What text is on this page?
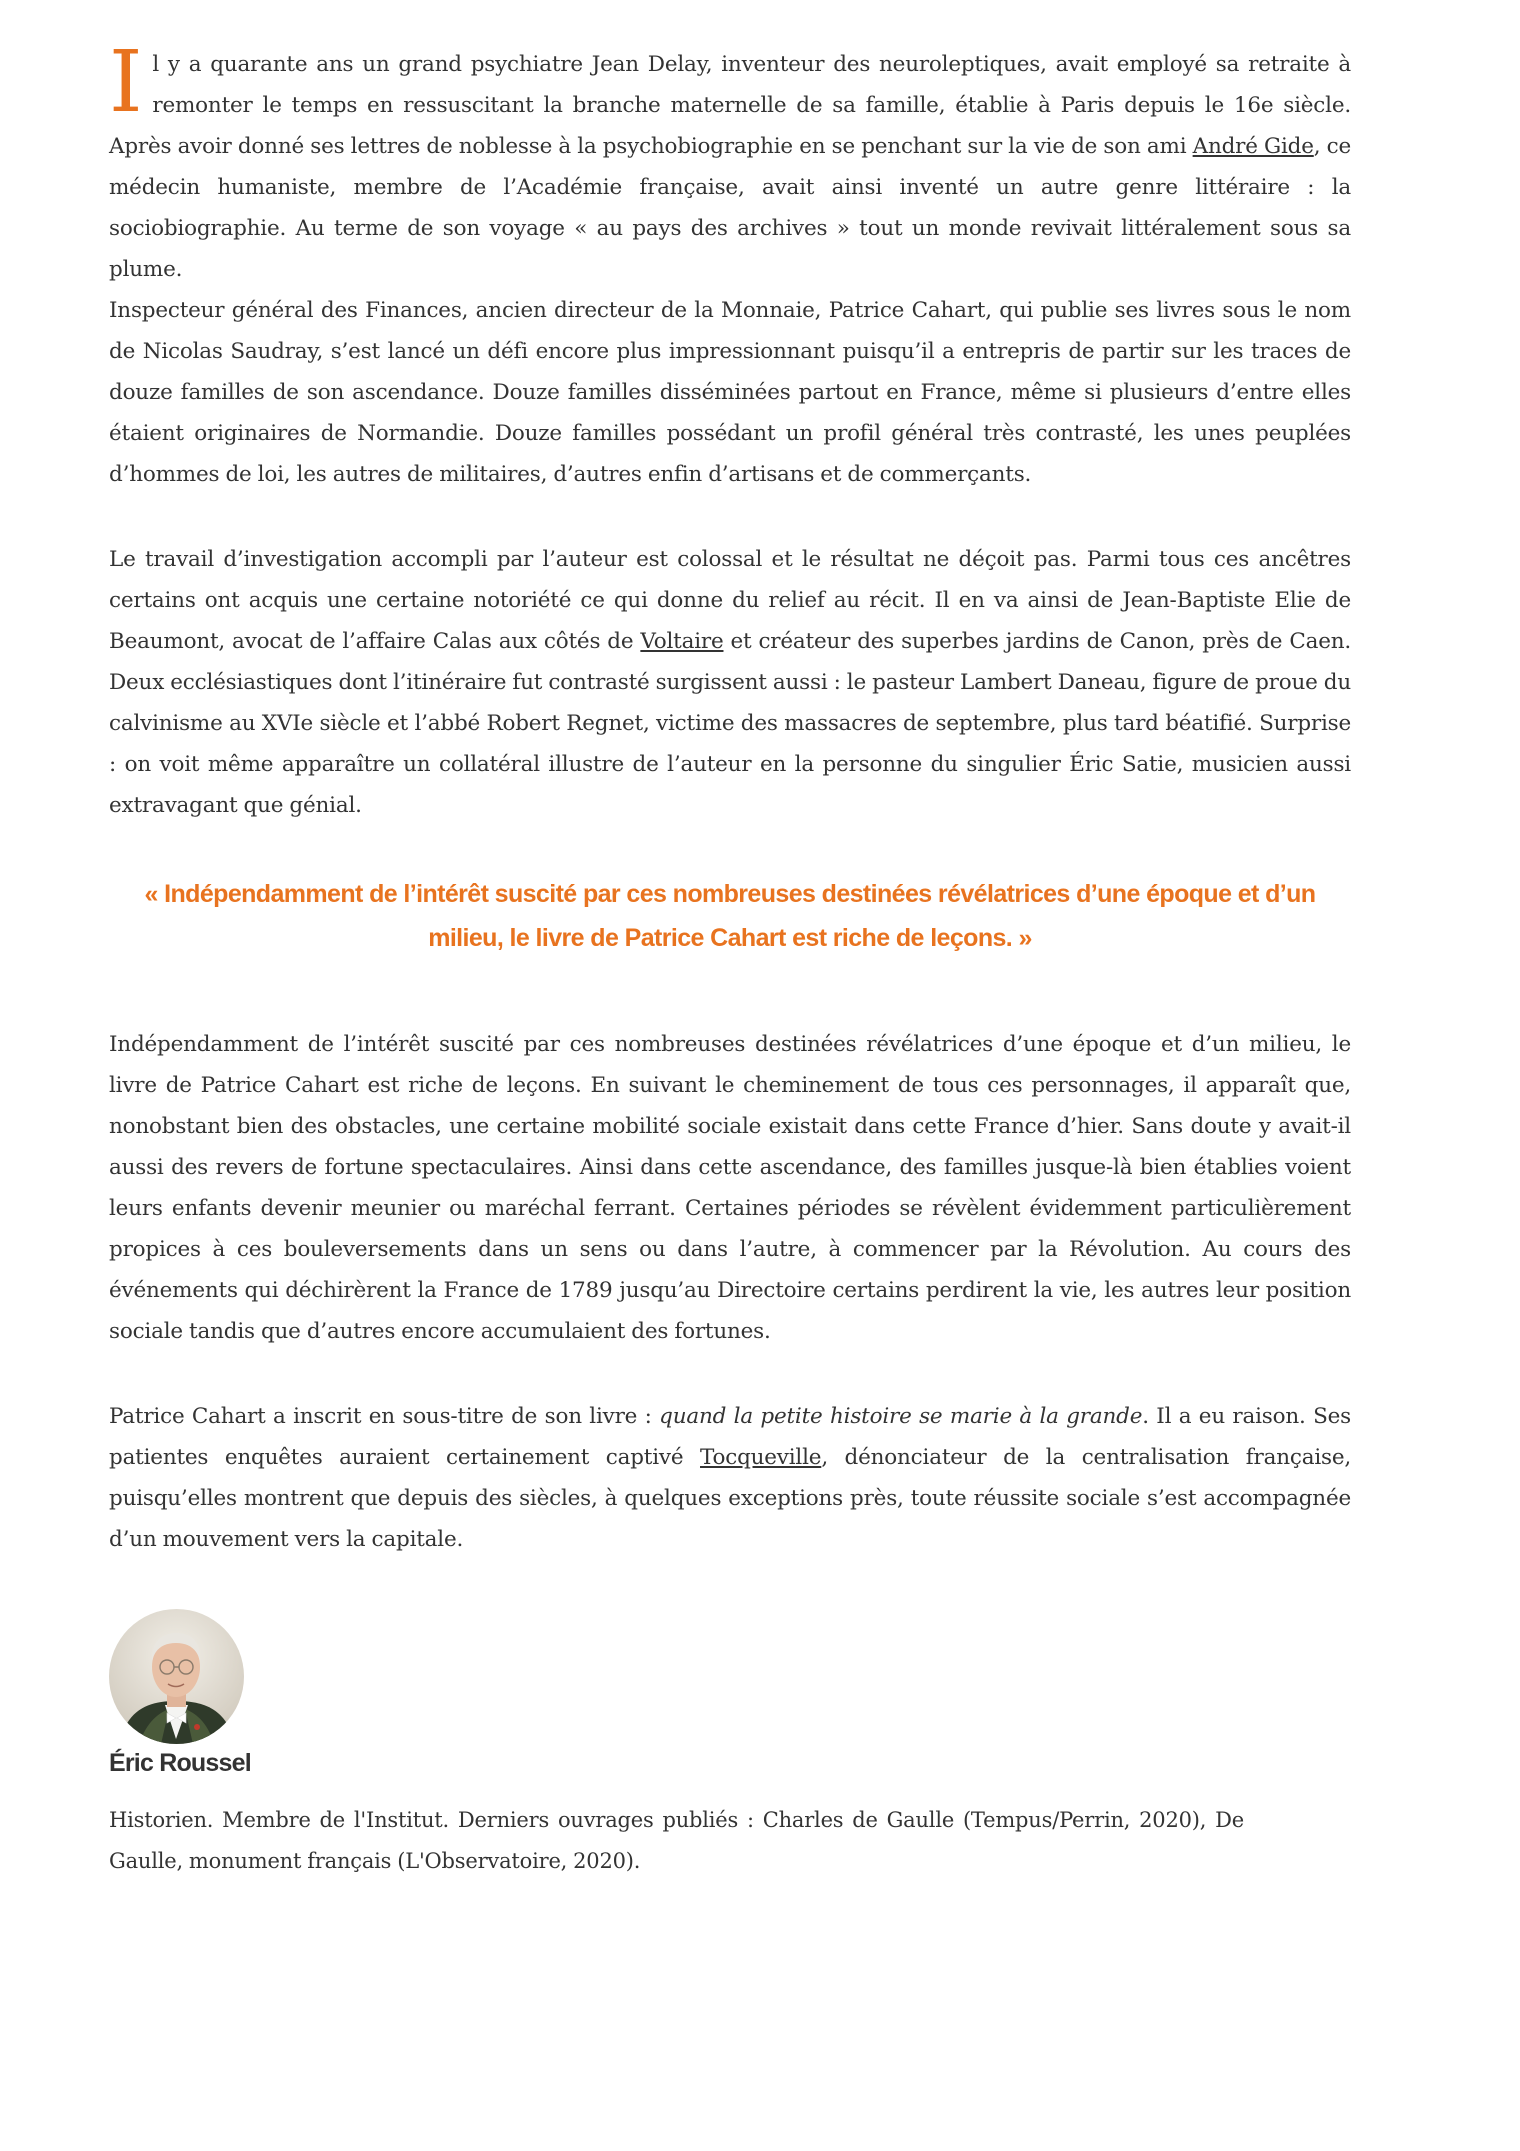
Il y a quarante ans un grand psychiatre Jean Delay, inventeur des neuroleptiques, avait employé sa retraite à remonter le temps en ressuscitant la branche maternelle de sa famille, établie à Paris depuis le 16e siècle. Après avoir donné ses lettres de noblesse à la psychobiographie en se penchant sur la vie de son ami André Gide, ce médecin humaniste, membre de l’Académie française, avait ainsi inventé un autre genre littéraire : la sociobiographie. Au terme de son voyage « au pays des archives » tout un monde revivait littéralement sous sa plume.

Inspecteur général des Finances, ancien directeur de la Monnaie, Patrice Cahart, qui publie ses livres sous le nom de Nicolas Saudray, s’est lancé un défi encore plus impressionnant puisqu’il a entrepris de partir sur les traces de douze familles de son ascendance. Douze familles disséminées partout en France, même si plusieurs d’entre elles étaient originaires de Normandie. Douze familles possédant un profil général très contrasté, les unes peuplées d’hommes de loi, les autres de militaires, d’autres enfin d’artisans et de commerçants.

Le travail d’investigation accompli par l’auteur est colossal et le résultat ne déçoit pas. Parmi tous ces ancêtres certains ont acquis une certaine notoriété ce qui donne du relief au récit. Il en va ainsi de Jean-Baptiste Elie de Beaumont, avocat de l’affaire Calas aux côtés de Voltaire et créateur des superbes jardins de Canon, près de Caen. Deux ecclésiastiques dont l’itinéraire fut contrasté surgissent aussi : le pasteur Lambert Daneau, figure de proue du calvinisme au XVIe siècle et l’abbé Robert Regnet, victime des massacres de septembre, plus tard béatifié. Surprise : on voit même apparaître un collatéral illustre de l’auteur en la personne du singulier Éric Satie, musicien aussi extravagant que génial.

« Indépendamment de l’intérêt suscité par ces nombreuses destinées révélatrices d’une époque et d’un milieu, le livre de Patrice Cahart est riche de leçons. »

Indépendamment de l’intérêt suscité par ces nombreuses destinées révélatrices d’une époque et d’un milieu, le livre de Patrice Cahart est riche de leçons. En suivant le cheminement de tous ces personnages, il apparaît que, nonobstant bien des obstacles, une certaine mobilité sociale existait dans cette France d’hier. Sans doute y avait-il aussi des revers de fortune spectaculaires. Ainsi dans cette ascendance, des familles jusque-là bien établies voient leurs enfants devenir meunier ou maréchal ferrant. Certaines périodes se révèlent évidemment particulièrement propices à ces bouleversements dans un sens ou dans l’autre, à commencer par la Révolution. Au cours des événements qui déchirèrent la France de 1789 jusqu’au Directoire certains perdirent la vie, les autres leur position sociale tandis que d’autres encore accumulaient des fortunes.

Patrice Cahart a inscrit en sous-titre de son livre : quand la petite histoire se marie à la grande. Il a eu raison. Ses patientes enquêtes auraient certainement captivé Tocqueville, dénonciateur de la centralisation française, puisqu’elles montrent que depuis des siècles, à quelques exceptions près, toute réussite sociale s’est accompagnée d’un mouvement vers la capitale.

Éric Roussel
Historien. Membre de l'Institut. Derniers ouvrages publiés : Charles de Gaulle (Tempus/Perrin, 2020), De Gaulle, monument français (L'Observatoire, 2020).
